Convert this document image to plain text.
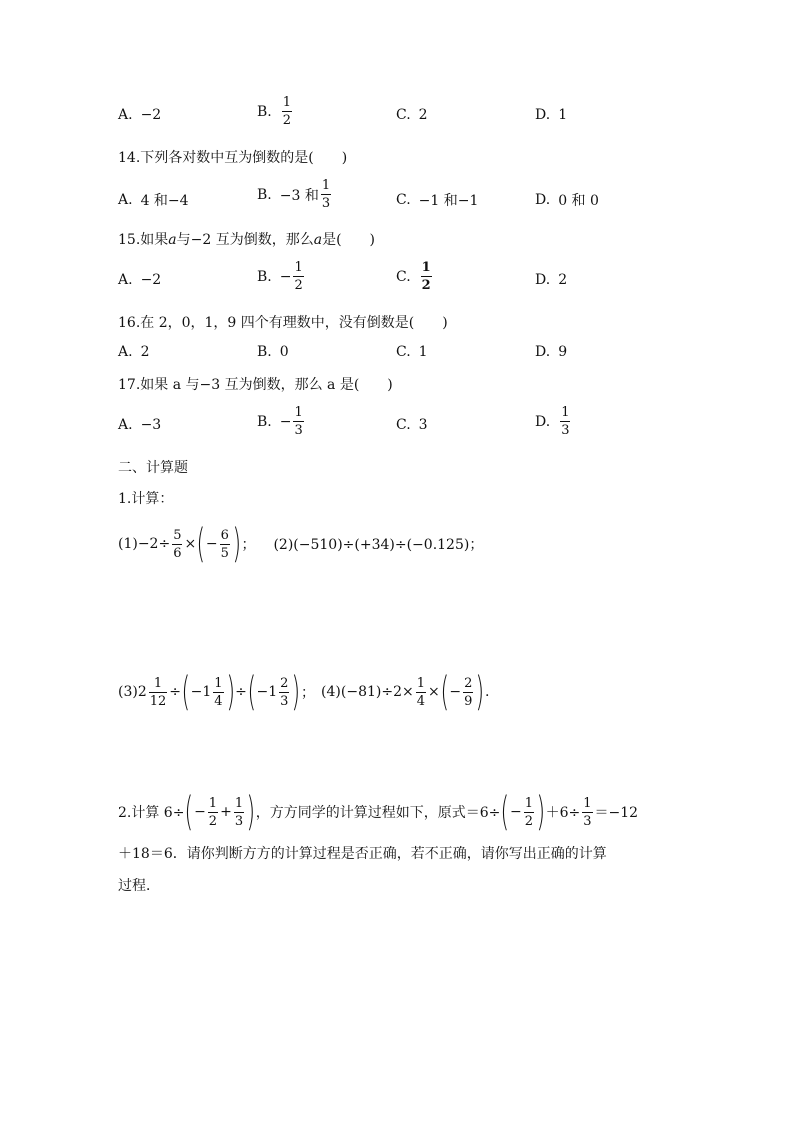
A. −2	B. $\frac{1}{2}$	C. 2	D. 1
14.下列各对数中互为倒数的是(　　)
A. 4 和−4	B. −3 和 $\frac{1}{3}$	C. −1 和−1	D. 0 和 0
15.如果a与−2 互为倒数，那么a是(　　)
A. −2	B. − $\frac{1}{2}$	C. $\frac{1}{2}$	D. 2
16.在 2，0，1，9 四个有理数中，没有倒数是(　　)
A. 2	B. 0	C. 1	D. 9
17.如果 a 与−3 互为倒数，那么 a 是(　　)
A. −3	B. − $\frac{1}{3}$	C. 3	D. $\frac{1}{3}$
二、计算题
1.计算：
$(1)-2\div \frac{5}{6}$ × ( − $\frac{6}{5}$ ) ； (2)(−510)÷(+34)÷(−0.125)；
$(3)2 \frac{1}{12}$ ÷ ( $-1 \frac{1}{4}$ ) ÷ ( $-1 \frac{2}{3}$ ) ； $(4)(-81)\div 2\times \frac{1}{4}$ × ( − $\frac{2}{9}$ ) .
2.计算 6÷ ( − $\frac{1}{2} + \frac{1}{3}$ ) ，方方同学的计算过程如下，原式＝6÷ ( − $\frac{1}{2}$ ) $+6\div \frac{1}{3} =-12$
＋18＝6．请你判断方方的计算过程是否正确，若不正确，请你写出正确的计算
过程．
